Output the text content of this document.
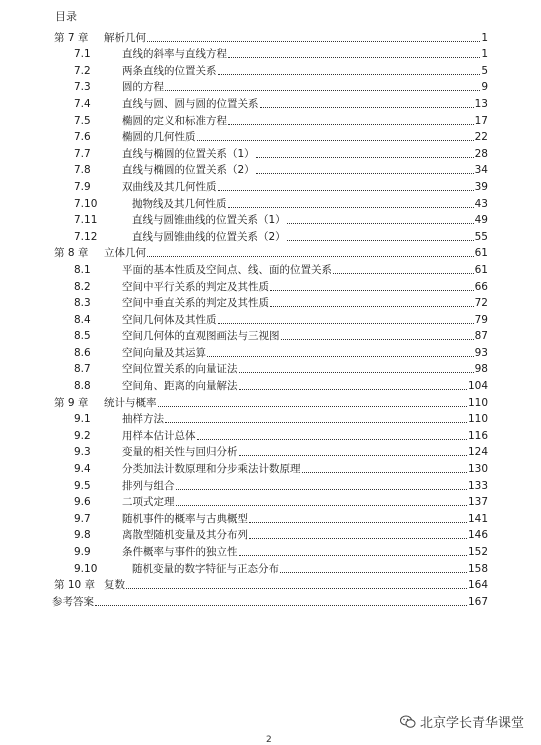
目录
第 7 章	解析几何	1
7.1	直线的斜率与直线方程	1
7.2	两条直线的位置关系	5
7.3	圆的方程	9
7.4	直线与圆、圆与圆的位置关系	13
7.5	椭圆的定义和标准方程	17
7.6	椭圆的几何性质	22
7.7	直线与椭圆的位置关系（1）	28
7.8	直线与椭圆的位置关系（2）	34
7.9	双曲线及其几何性质	39
7.10	抛物线及其几何性质	43
7.11	直线与圆锥曲线的位置关系（1）	49
7.12	直线与圆锥曲线的位置关系（2）	55
第 8 章	立体几何	61
8.1	平面的基本性质及空间点、线、面的位置关系	61
8.2	空间中平行关系的判定及其性质	66
8.3	空间中垂直关系的判定及其性质	72
8.4	空间几何体及其性质	79
8.5	空间几何体的直观图画法与三视图	87
8.6	空间向量及其运算	93
8.7	空间位置关系的向量证法	98
8.8	空间角、距离的向量解法	104
第 9 章	统计与概率	110
9.1	抽样方法	110
9.2	用样本估计总体	116
9.3	变量的相关性与回归分析	124
9.4	分类加法计数原理和分步乘法计数原理	130
9.5	排列与组合	133
9.6	二项式定理	137
9.7	随机事件的概率与古典概型	141
9.8	离散型随机变量及其分布列	146
9.9	条件概率与事件的独立性	152
9.10	随机变量的数字特征与正态分布	158
第 10 章 复数	164
参考答案	167
北京学长青华课堂
2
